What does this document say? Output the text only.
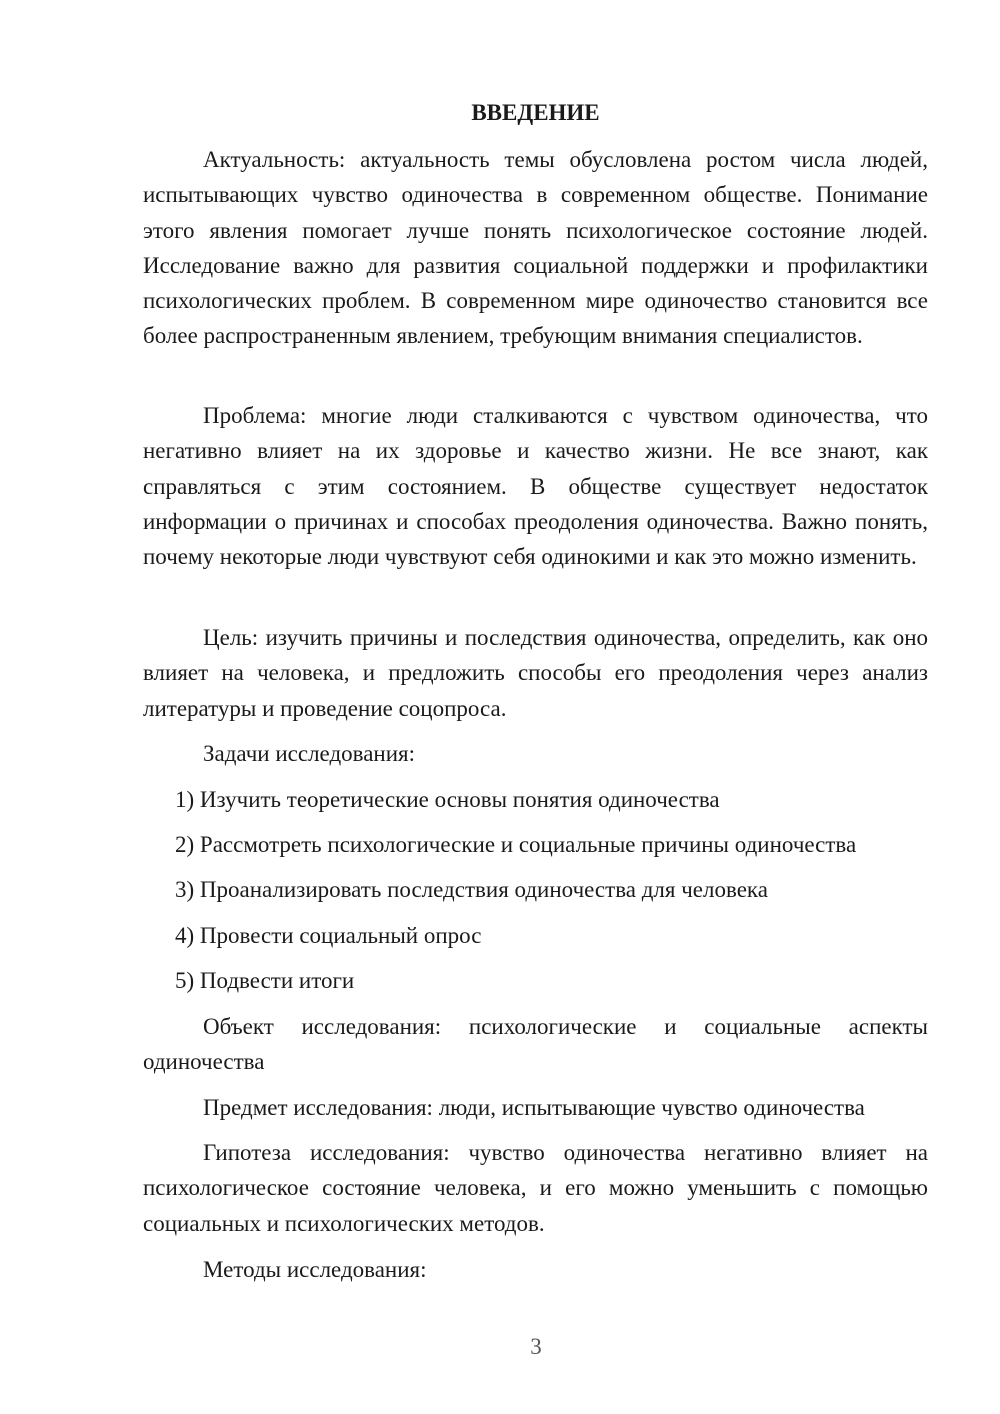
ВВЕДЕНИЕ

Актуальность: актуальность темы обусловлена ростом числа людей, испытывающих чувство одиночества в современном обществе. Понимание этого явления помогает лучше понять психологическое состояние людей. Исследование важно для развития социальной поддержки и профилактики психологических проблем. В современном мире одиночество становится все более распространенным явлением, требующим внимания специалистов.

Проблема: многие люди сталкиваются с чувством одиночества, что негативно влияет на их здоровье и качество жизни. Не все знают, как справляться с этим состоянием. В обществе существует недостаток информации о причинах и способах преодоления одиночества. Важно понять, почему некоторые люди чувствуют себя одинокими и как это можно изменить.

Цель: изучить причины и последствия одиночества, определить, как оно влияет на человека, и предложить способы его преодоления через анализ литературы и проведение соцопроса.

Задачи исследования:
1) Изучить теоретические основы понятия одиночества
2) Рассмотреть психологические и социальные причины одиночества
3) Проанализировать последствия одиночества для человека
4) Провести социальный опрос
5) Подвести итоги

Объект исследования: психологические и социальные аспекты одиночества

Предмет исследования: люди, испытывающие чувство одиночества

Гипотеза исследования: чувство одиночества негативно влияет на психологическое состояние человека, и его можно уменьшить с помощью социальных и психологических методов.

Методы исследования:
3
